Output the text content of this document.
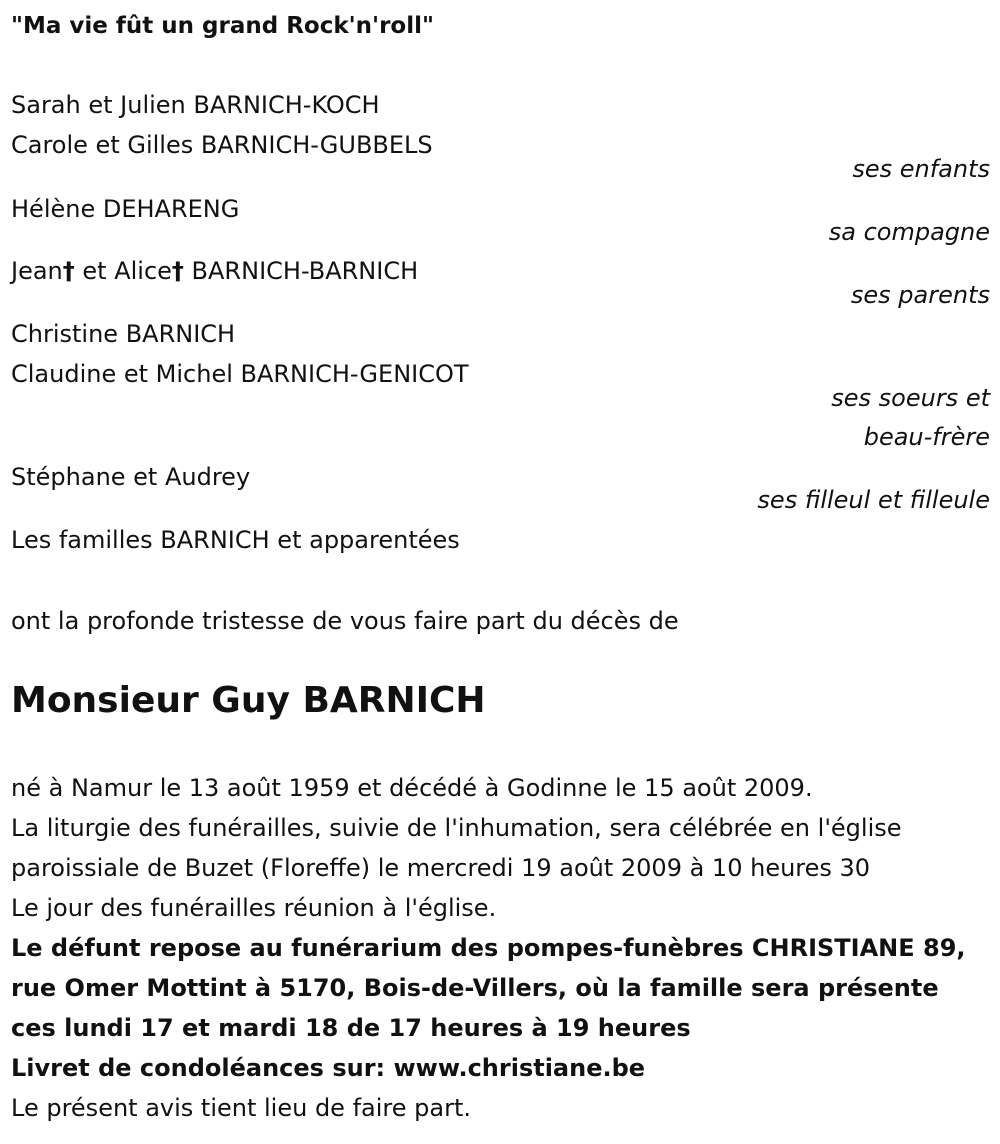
"Ma vie fût un grand Rock'n'roll"

Sarah et Julien BARNICH-KOCH

Carole et Gilles BARNICH-GUBBELS

ses enfants

Hélène DEHARENG

sa compagne

Jean† et Alice† BARNICH-BARNICH

ses parents

Christine BARNICH

Claudine et Michel BARNICH-GENICOT

ses soeurs et

beau-frère

Stéphane et Audrey

ses filleul et filleule

Les familles BARNICH et apparentées

ont la profonde tristesse de vous faire part du décès de

Monsieur Guy BARNICH

né à Namur le 13 août 1959 et décédé à Godinne le 15 août 2009.

La liturgie des funérailles, suivie de l'inhumation, sera célébrée en l'église

paroissiale de Buzet (Floreffe) le mercredi 19 août 2009 à 10 heures 30

Le jour des funérailles réunion à l'église.

Le défunt repose au funérarium des pompes-funèbres CHRISTIANE 89,

rue Omer Mottint à 5170, Bois-de-Villers, où la famille sera présente

ces lundi 17 et mardi 18 de 17 heures à 19 heures

Livret de condoléances sur: www.christiane.be

Le présent avis tient lieu de faire part.
